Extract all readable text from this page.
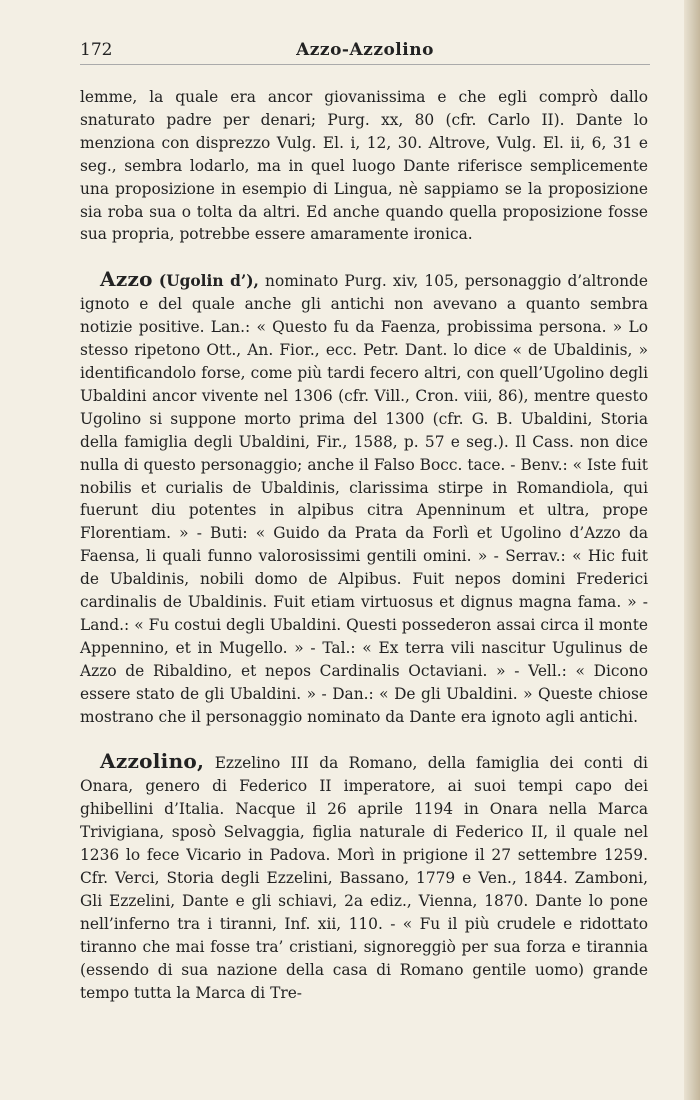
172	Azzo-Azzolino

lemme, la quale era ancor giovanissima e che egli comprò dallo snaturato padre per denari; Purg. xx, 80 (cfr. Carlo II). Dante lo menziona con disprezzo Vulg. El. i, 12, 30. Altrove, Vulg. El. ii, 6, 31 e seg., sembra lodarlo, ma in quel luogo Dante riferisce semplicemente una proposizione in esempio di Lingua, nè sappiamo se la proposizione sia roba sua o tolta da altri. Ed anche quando quella proposizione fosse sua propria, potrebbe essere amaramente ironica.

Azzo (Ugolin d’), nominato Purg. xiv, 105, personaggio d’altronde ignoto e del quale anche gli antichi non avevano a quanto sembra notizie positive. Lan.: « Questo fu da Faenza, probissima persona. » Lo stesso ripetono Ott., An. Fior., ecc. Petr. Dant. lo dice « de Ubaldinis, » identificandolo forse, come più tardi fecero altri, con quell’Ugolino degli Ubaldini ancor vivente nel 1306 (cfr. Vill., Cron. viii, 86), mentre questo Ugolino si suppone morto prima del 1300 (cfr. G. B. Ubaldini, Storia della famiglia degli Ubaldini, Fir., 1588, p. 57 e seg.). Il Cass. non dice nulla di questo personaggio; anche il Falso Bocc. tace. - Benv.: « Iste fuit nobilis et curialis de Ubaldinis, clarissima stirpe in Romandiola, qui fuerunt diu potentes in alpibus citra Apenninum et ultra, prope Florentiam. » - Buti: « Guido da Prata da Forlì et Ugolino d’Azzo da Faensa, li quali funno valorosissimi gentili omini. » - Serrav.: « Hic fuit de Ubaldinis, nobili domo de Alpibus. Fuit nepos domini Frederici cardinalis de Ubaldinis. Fuit etiam virtuosus et dignus magna fama. » - Land.: « Fu costui degli Ubaldini. Questi possederon assai circa il monte Appennino, et in Mugello. » - Tal.: « Ex terra vili nascitur Ugulinus de Azzo de Ribaldino, et nepos Cardinalis Octaviani. » - Vell.: « Dicono essere stato de gli Ubaldini. » - Dan.: « De gli Ubaldini. » Queste chiose mostrano che il personaggio nominato da Dante era ignoto agli antichi.

Azzolino, Ezzelino III da Romano, della famiglia dei conti di Onara, genero di Federico II imperatore, ai suoi tempi capo dei ghibellini d’Italia. Nacque il 26 aprile 1194 in Onara nella Marca Trivigiana, sposò Selvaggia, figlia naturale di Federico II, il quale nel 1236 lo fece Vicario in Padova. Morì in prigione il 27 settembre 1259. Cfr. Verci, Storia degli Ezzelini, Bassano, 1779 e Ven., 1844. Zamboni, Gli Ezzelini, Dante e gli schiavi, 2a ediz., Vienna, 1870. Dante lo pone nell’inferno tra i tiranni, Inf. xii, 110. - « Fu il più crudele e ridottato tiranno che mai fosse tra’ cristiani, signoreggiò per sua forza e tirannia (essendo di sua nazione della casa di Romano gentile uomo) grande tempo tutta la Marca di Tre-
